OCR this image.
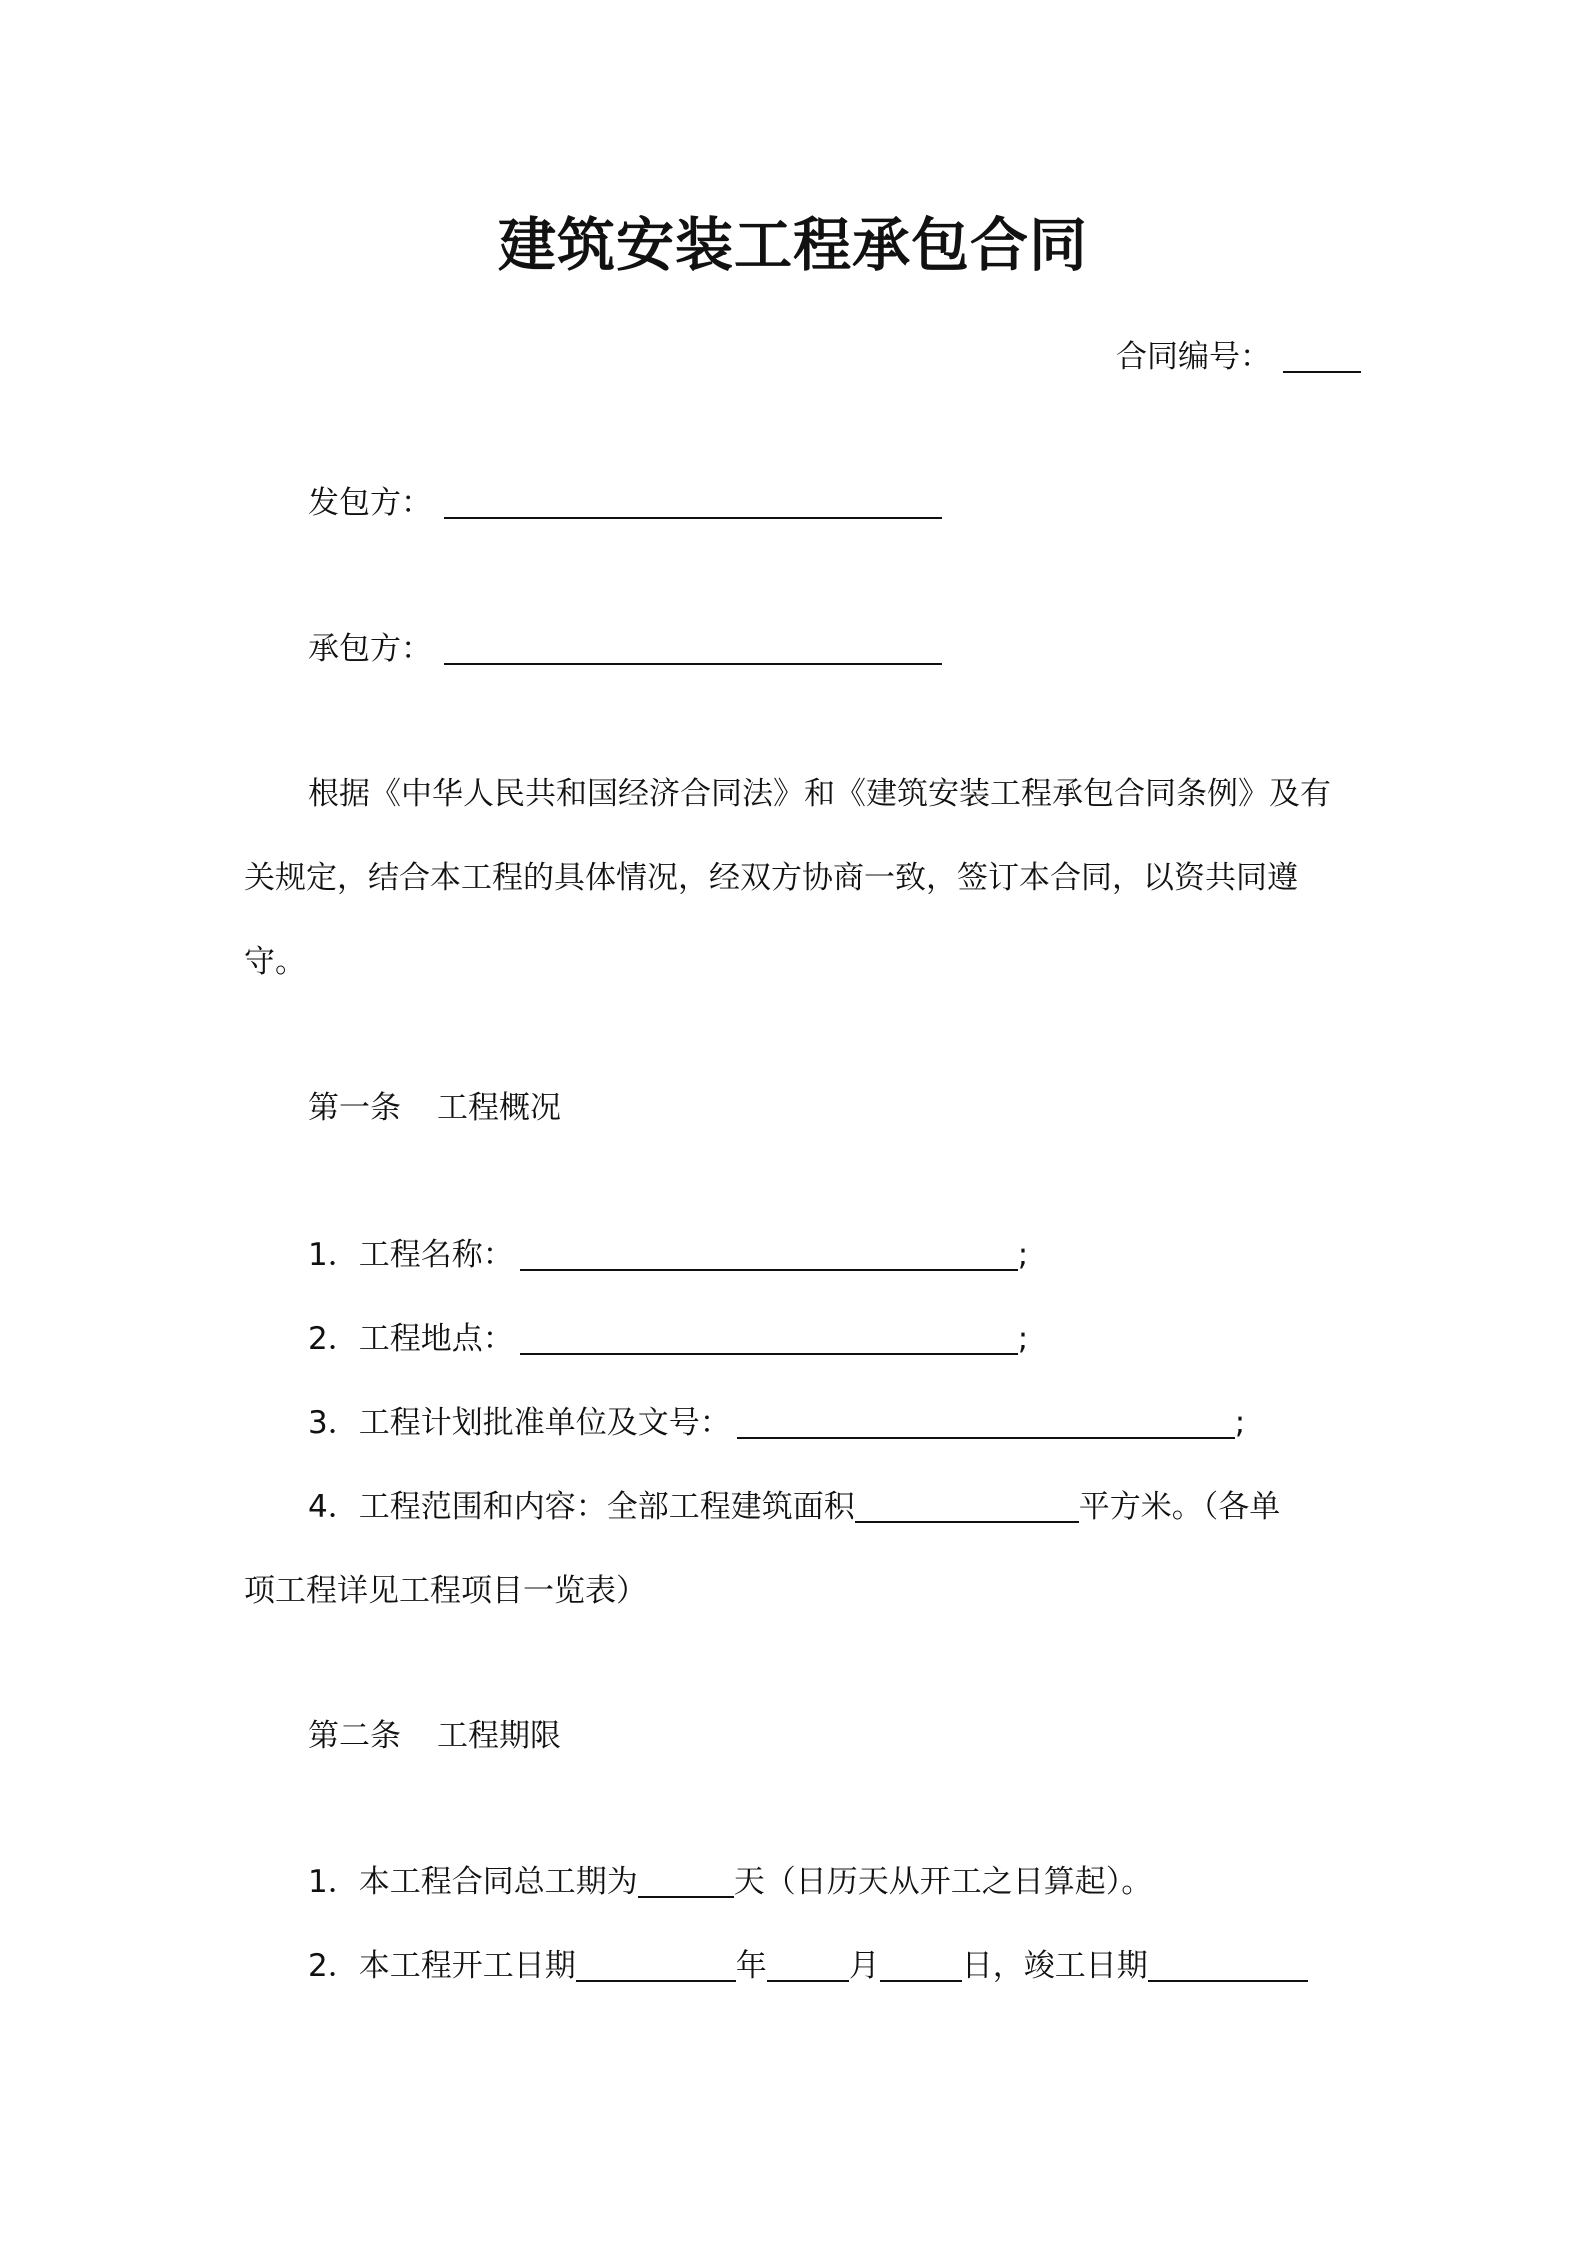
建筑安装工程承包合同
合同编号：
发包方：
承包方：
根据《中华人民共和国经济合同法》和《建筑安装工程承包合同条例》及有关规定，结合本工程的具体情况，经双方协商一致，签订本合同，以资共同遵守。
第一条 工程概况
1．工程名称：	;
2．工程地点：	;
3．工程计划批准单位及文号：	;
4．工程范围和内容：全部工程建筑面积	平方米。（各单
项工程详见工程项目一览表）
第二条 工程期限
1．本工程合同总工期为	天（日历天从开工之日算起）。
2．本工程开工日期	年	月	日，竣工日期
